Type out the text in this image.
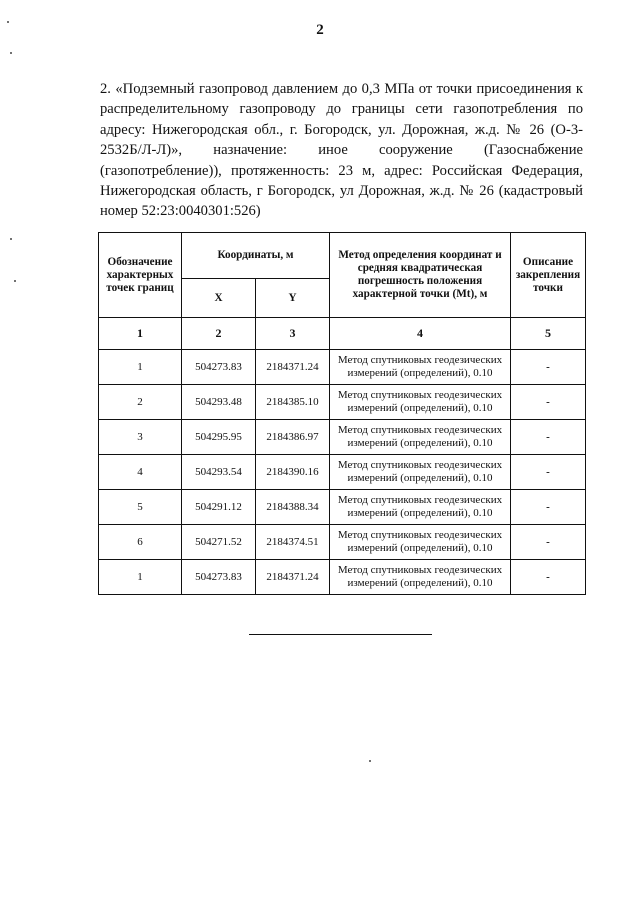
2
2. «Подземный газопровод давлением до 0,3 МПа от точки присоединения к
распределительному газопроводу до границы сети газопотребления по
адресу: Нижегородская обл., г. Богородск, ул. Дорожная, ж.д. № 26 (О-3-
2532Б/Л-Л)», назначение: иное сооружение (Газоснабжение
(газопотребление)), протяженность: 23 м, адрес: Российская Федерация,
Нижегородская область, г Богородск, ул Дорожная, ж.д. № 26 (кадастровый
номер 52:23:0040301:526)
Обозначение характерных точек границ	Координаты, м		Метод определения координат и средняя квадратическая погрешность положения характерной точки (Mt), м	Описание закрепления точки
	X	Y		
1	2	3	4	5
1	504273.83	2184371.24	Метод спутниковых геодезических измерений (определений), 0.10	-
2	504293.48	2184385.10	Метод спутниковых геодезических измерений (определений), 0.10	-
3	504295.95	2184386.97	Метод спутниковых геодезических измерений (определений), 0.10	-
4	504293.54	2184390.16	Метод спутниковых геодезических измерений (определений), 0.10	-
5	504291.12	2184388.34	Метод спутниковых геодезических измерений (определений), 0.10	-
6	504271.52	2184374.51	Метод спутниковых геодезических измерений (определений), 0.10	-
1	504273.83	2184371.24	Метод спутниковых геодезических измерений (определений), 0.10	-
